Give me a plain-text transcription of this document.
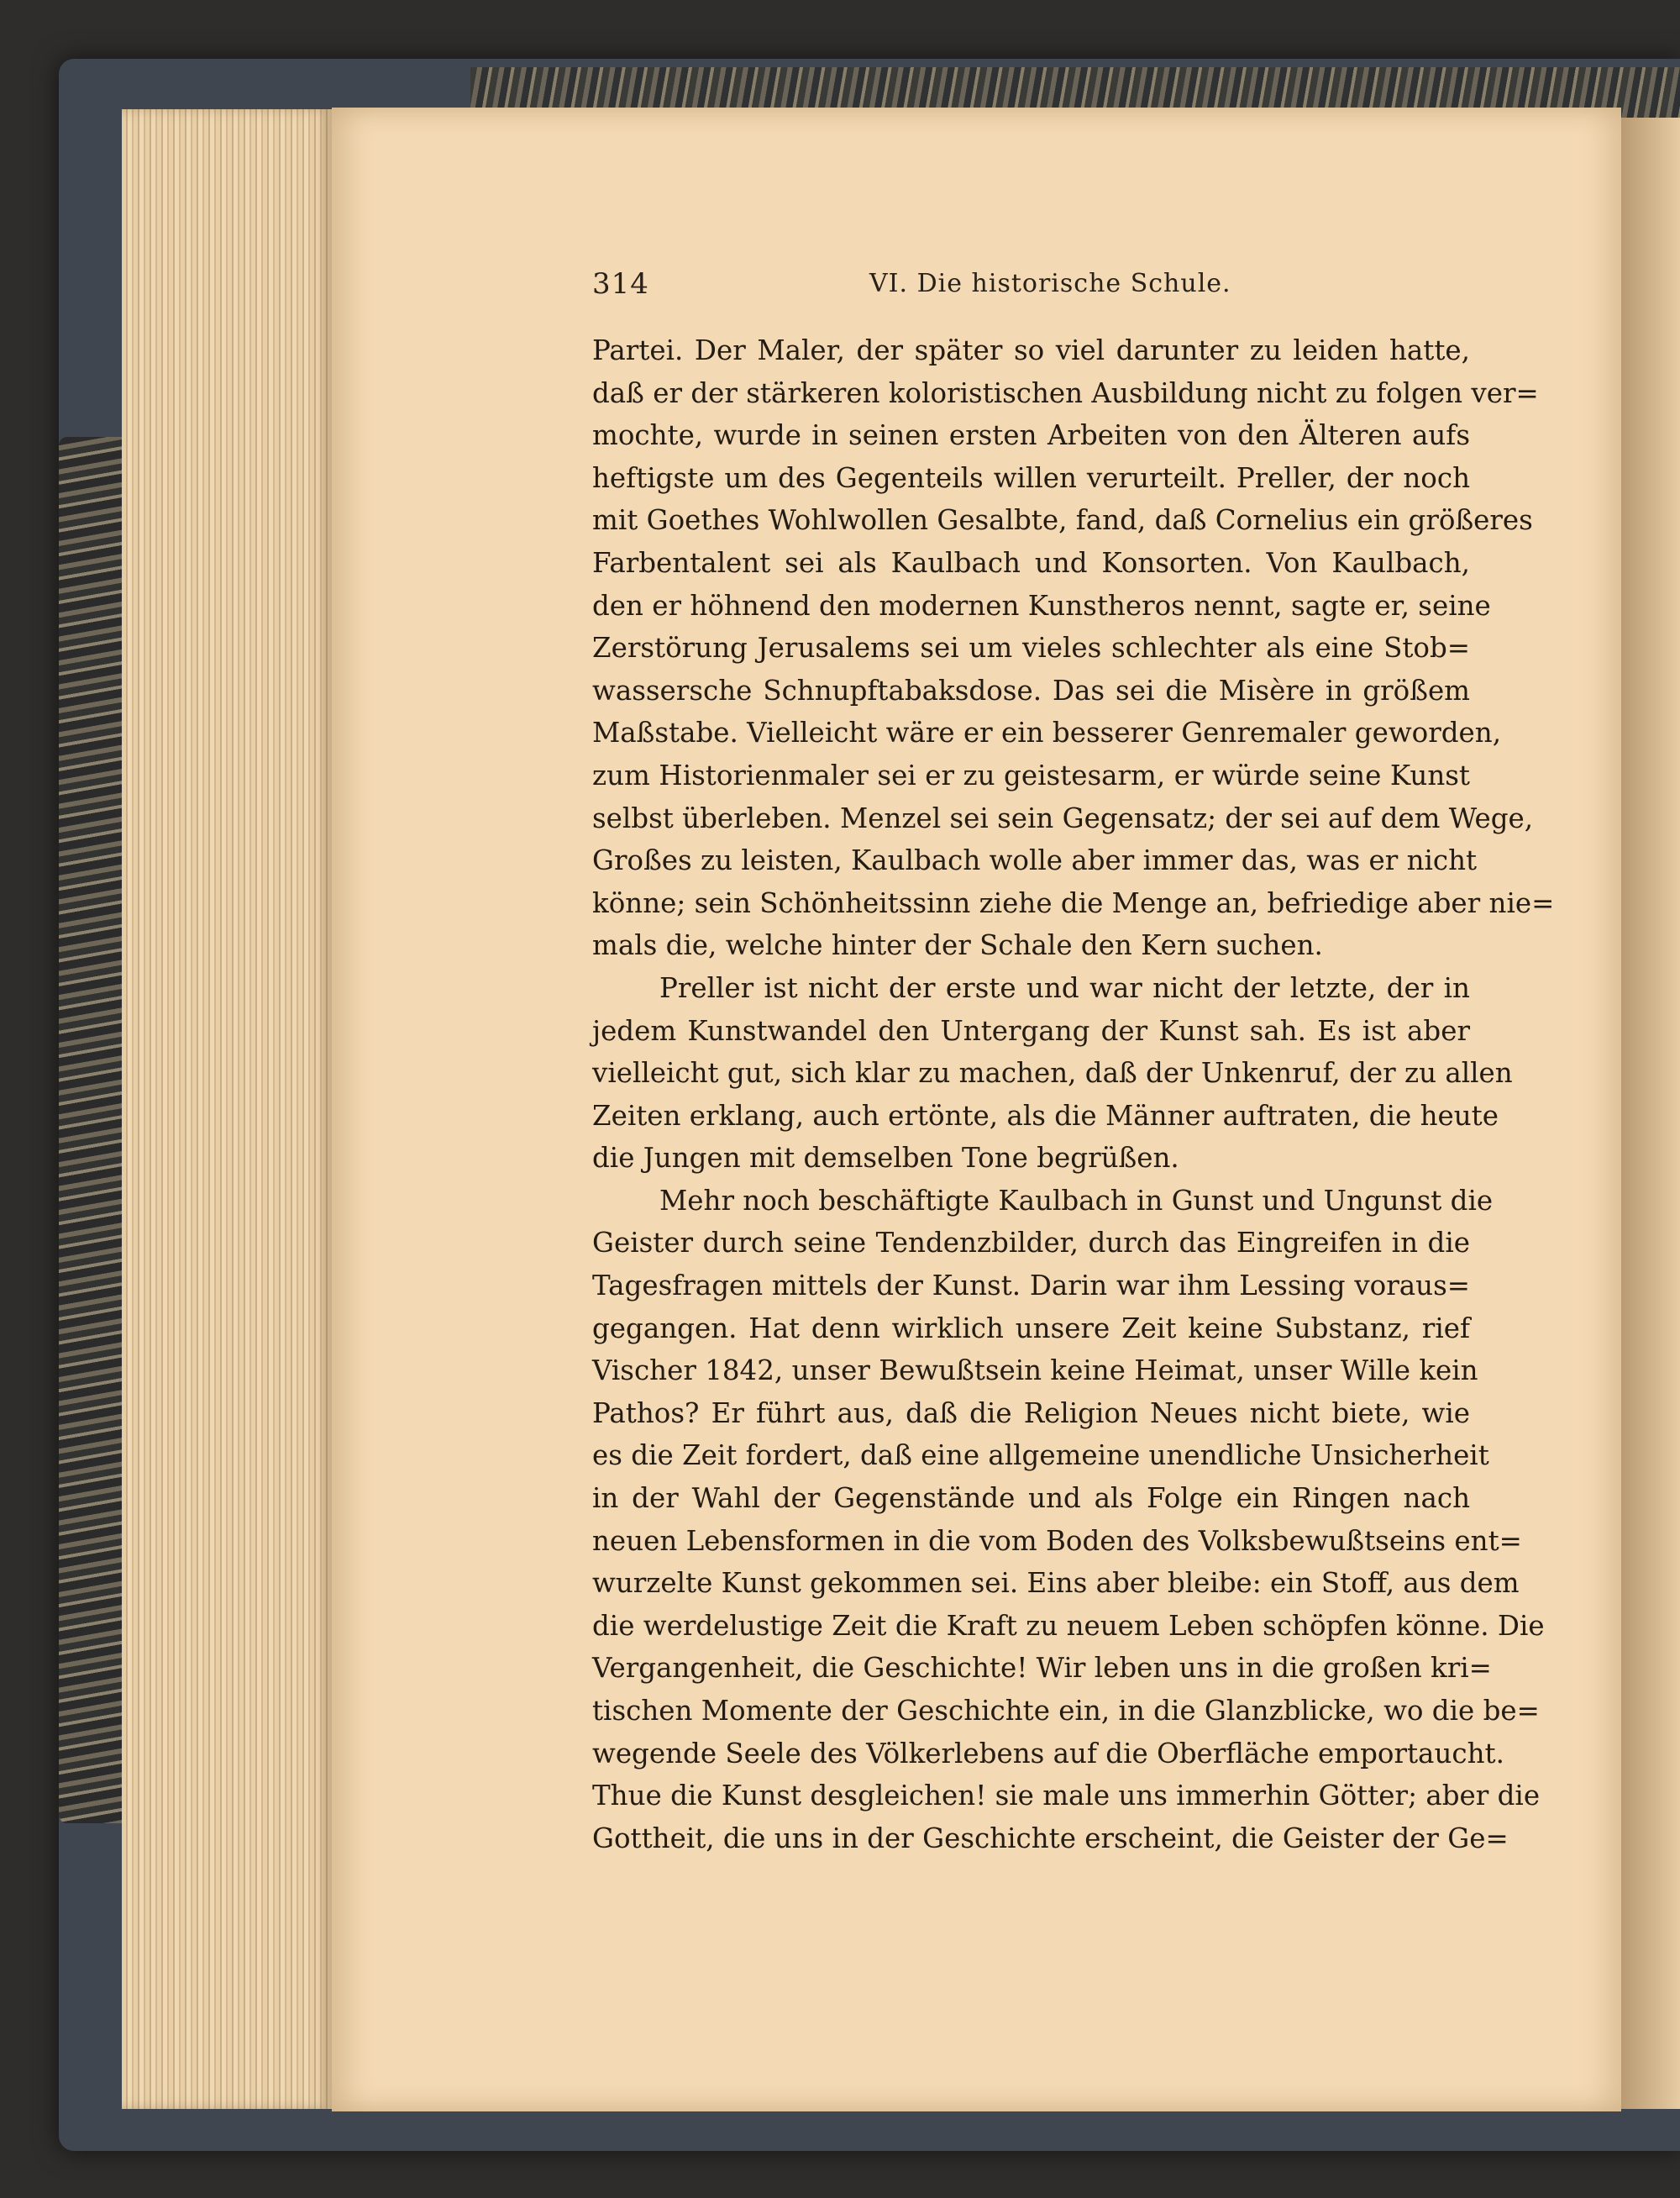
314	VI. Die historische Schule.
Partei. Der Maler, der später so viel darunter zu leiden hatte,
daß er der stärkeren koloristischen Ausbildung nicht zu folgen ver=
mochte, wurde in seinen ersten Arbeiten von den Älteren aufs
heftigste um des Gegenteils willen verurteilt. Preller, der noch
mit Goethes Wohlwollen Gesalbte, fand, daß Cornelius ein größeres
Farbentalent sei als Kaulbach und Konsorten. Von Kaulbach,
den er höhnend den modernen Kunstheros nennt, sagte er, seine
Zerstörung Jerusalems sei um vieles schlechter als eine Stob=
wassersche Schnupftabaksdose. Das sei die Misère in größem
Maßstabe. Vielleicht wäre er ein besserer Genremaler geworden,
zum Historienmaler sei er zu geistesarm, er würde seine Kunst
selbst überleben. Menzel sei sein Gegensatz; der sei auf dem Wege,
Großes zu leisten, Kaulbach wolle aber immer das, was er nicht
könne; sein Schönheitssinn ziehe die Menge an, befriedige aber nie=
mals die, welche hinter der Schale den Kern suchen.
Preller ist nicht der erste und war nicht der letzte, der in
jedem Kunstwandel den Untergang der Kunst sah. Es ist aber
vielleicht gut, sich klar zu machen, daß der Unkenruf, der zu allen
Zeiten erklang, auch ertönte, als die Männer auftraten, die heute
die Jungen mit demselben Tone begrüßen.
Mehr noch beschäftigte Kaulbach in Gunst und Ungunst die
Geister durch seine Tendenzbilder, durch das Eingreifen in die
Tagesfragen mittels der Kunst. Darin war ihm Lessing voraus=
gegangen. Hat denn wirklich unsere Zeit keine Substanz, rief
Vischer 1842, unser Bewußtsein keine Heimat, unser Wille kein
Pathos? Er führt aus, daß die Religion Neues nicht biete, wie
es die Zeit fordert, daß eine allgemeine unendliche Unsicherheit
in der Wahl der Gegenstände und als Folge ein Ringen nach
neuen Lebensformen in die vom Boden des Volksbewußtseins ent=
wurzelte Kunst gekommen sei. Eins aber bleibe: ein Stoff, aus dem
die werdelustige Zeit die Kraft zu neuem Leben schöpfen könne. Die
Vergangenheit, die Geschichte! Wir leben uns in die großen kri=
tischen Momente der Geschichte ein, in die Glanzblicke, wo die be=
wegende Seele des Völkerlebens auf die Oberfläche emportaucht.
Thue die Kunst desgleichen! sie male uns immerhin Götter; aber die
Gottheit, die uns in der Geschichte erscheint, die Geister der Ge=
